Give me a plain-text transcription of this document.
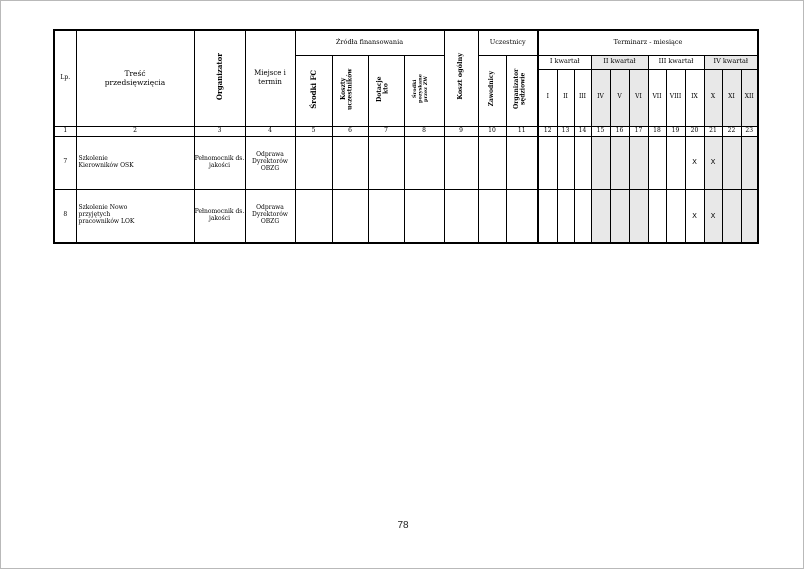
Lp.	Treść przedsięwzięcia	Organizator	Miejsce i termin	Źródła finansowania				Koszt ogólny	Uczestnicy		Terminarz - miesiące											
				Środki FC	Koszty uczestników	Dotacje kto	Środki pozyskane przez ZW		Zawodnicy	Organizator sędziowie	I kwartał			II kwartał			III kwartał			IV kwartał		
											I	II	III	IV	V	VI	VII	VIII	IX	X	XI	XII
1	2	3	4	5	6	7	8	9	10	11	12	13	14	15	16	17	18	19	20	21	22	23
7	Szkolenie Kierowników OSK	Pełnomocnik ds. jakości	Odprawa Dyrektorów OBZG																X	X		
8	Szkolenie Nowo przyjętych pracowników LOK	Pełnomocnik ds. jakości	Odprawa Dyrektorów OBZG																X	X		
78
